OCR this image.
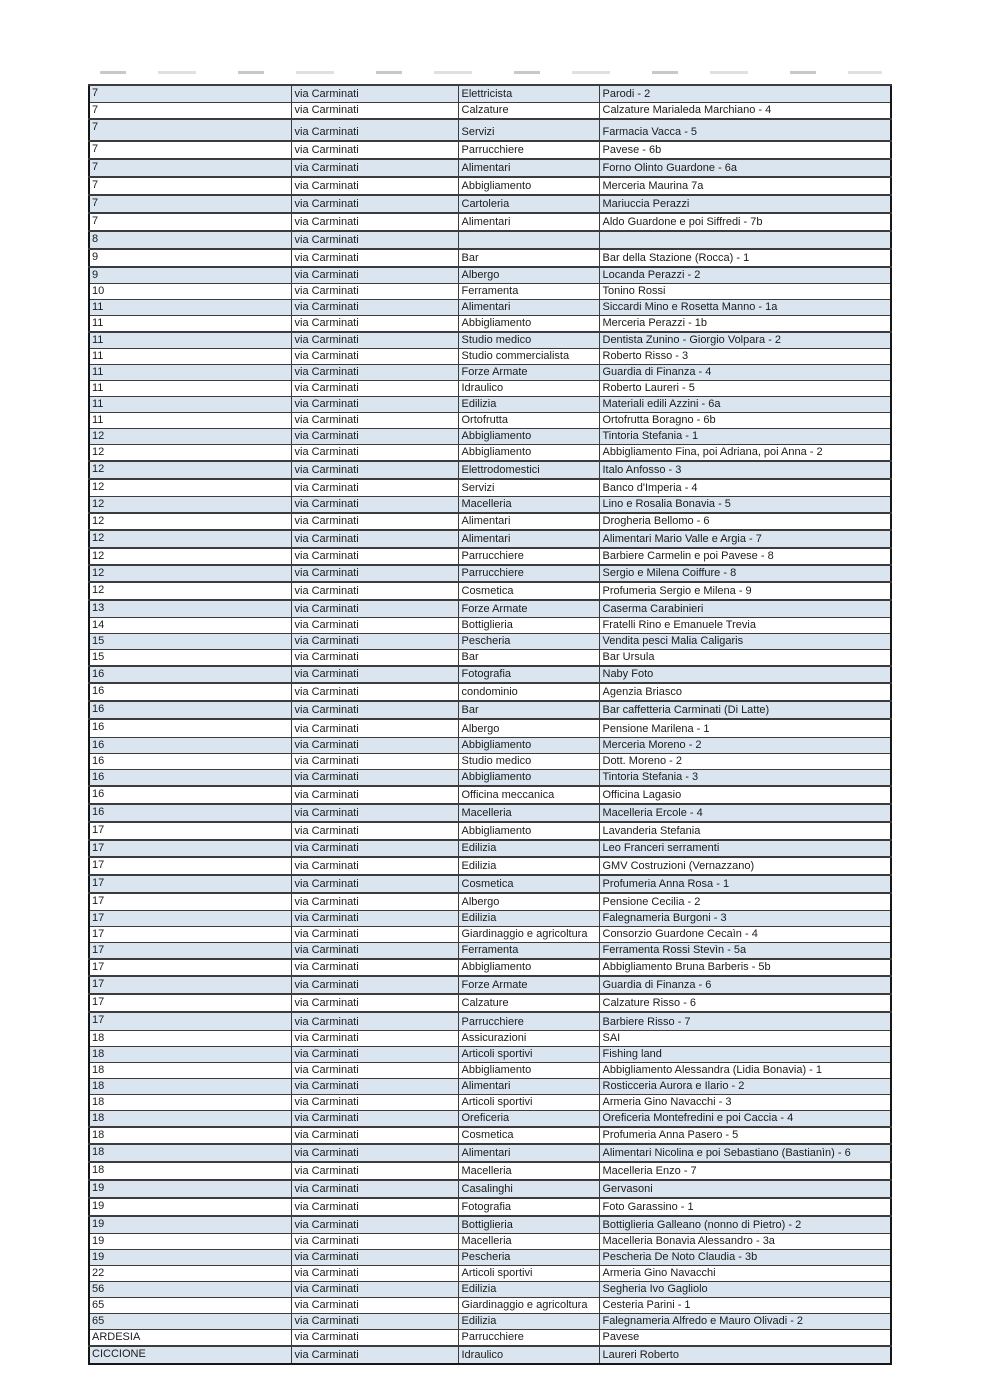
7	via Carminati	Elettricista	Parodi - 2
7	via Carminati	Calzature	Calzature Marialeda Marchiano - 4
7	via Carminati	Servizi	Farmacia Vacca - 5
7	via Carminati	Parrucchiere	Pavese - 6b
7	via Carminati	Alimentari	Forno Olinto Guardone - 6a
7	via Carminati	Abbigliamento	Merceria Maurina 7a
7	via Carminati	Cartoleria	Mariuccia Perazzi
7	via Carminati	Alimentari	Aldo Guardone e poi Siffredi - 7b
8	via Carminati		
9	via Carminati	Bar	Bar della Stazione (Rocca) - 1
9	via Carminati	Albergo	Locanda Perazzi - 2
10	via Carminati	Ferramenta	Tonino Rossi
11	via Carminati	Alimentari	Siccardi Mino e Rosetta Manno - 1a
11	via Carminati	Abbigliamento	Merceria Perazzi - 1b
11	via Carminati	Studio medico	Dentista Zunino - Giorgio Volpara - 2
11	via Carminati	Studio commercialista	Roberto Risso - 3
11	via Carminati	Forze Armate	Guardia di Finanza - 4
11	via Carminati	Idraulico	Roberto Laureri - 5
11	via Carminati	Edilizia	Materiali edili Azzini - 6a
11	via Carminati	Ortofrutta	Ortofrutta Boragno - 6b
12	via Carminati	Abbigliamento	Tintoria Stefania - 1
12	via Carminati	Abbigliamento	Abbigliamento Fina, poi Adriana, poi Anna - 2
12	via Carminati	Elettrodomestici	Italo Anfosso - 3
12	via Carminati	Servizi	Banco d'Imperia - 4
12	via Carminati	Macelleria	Lino e Rosalia Bonavia - 5
12	via Carminati	Alimentari	Drogheria Bellomo - 6
12	via Carminati	Alimentari	Alimentari Mario Valle e Argia - 7
12	via Carminati	Parrucchiere	Barbiere Carmelin e poi Pavese - 8
12	via Carminati	Parrucchiere	Sergio e Milena Coiffure - 8
12	via Carminati	Cosmetica	Profumeria Sergio e Milena - 9
13	via Carminati	Forze Armate	Caserma Carabinieri
14	via Carminati	Bottiglieria	Fratelli Rino e Emanuele Trevia
15	via Carminati	Pescheria	Vendita pesci Malia Caligaris
15	via Carminati	Bar	Bar Ursula
16	via Carminati	Fotografia	Naby Foto
16	via Carminati	condominio	Agenzia Briasco
16	via Carminati	Bar	Bar caffetteria Carminati (Di Latte)
16	via Carminati	Albergo	Pensione Marilena - 1
16	via Carminati	Abbigliamento	Merceria Moreno - 2
16	via Carminati	Studio medico	Dott. Moreno - 2
16	via Carminati	Abbigliamento	Tintoria Stefania - 3
16	via Carminati	Officina meccanica	Officina Lagasio
16	via Carminati	Macelleria	Macelleria Ercole - 4
17	via Carminati	Abbigliamento	Lavanderia Stefania
17	via Carminati	Edilizia	Leo Franceri serramenti
17	via Carminati	Edilizia	GMV Costruzioni (Vernazzano)
17	via Carminati	Cosmetica	Profumeria Anna Rosa - 1
17	via Carminati	Albergo	Pensione Cecilia - 2
17	via Carminati	Edilizia	Falegnameria Burgoni - 3
17	via Carminati	Giardinaggio e agricoltura	Consorzio Guardone Cecaìn - 4
17	via Carminati	Ferramenta	Ferramenta Rossi Stevìn - 5a
17	via Carminati	Abbigliamento	Abbigliamento Bruna Barberis - 5b
17	via Carminati	Forze Armate	Guardia di Finanza - 6
17	via Carminati	Calzature	Calzature Risso - 6
17	via Carminati	Parrucchiere	Barbiere Risso - 7
18	via Carminati	Assicurazioni	SAI
18	via Carminati	Articoli sportivi	Fishing land
18	via Carminati	Abbigliamento	Abbigliamento Alessandra (Lidia Bonavia) - 1
18	via Carminati	Alimentari	Rosticceria Aurora e Ilario - 2
18	via Carminati	Articoli sportivi	Armeria Gino Navacchi - 3
18	via Carminati	Oreficeria	Oreficeria Montefredini e poi Caccia - 4
18	via Carminati	Cosmetica	Profumeria Anna Pasero - 5
18	via Carminati	Alimentari	Alimentari Nicolina e poi Sebastiano (Bastianìn) - 6
18	via Carminati	Macelleria	Macelleria Enzo - 7
19	via Carminati	Casalinghi	Gervasoni
19	via Carminati	Fotografia	Foto Garassino - 1
19	via Carminati	Bottiglieria	Bottiglieria Galleano (nonno di Pietro) - 2
19	via Carminati	Macelleria	Macelleria Bonavia Alessandro - 3a
19	via Carminati	Pescheria	Pescheria De Noto Claudia - 3b
22	via Carminati	Articoli sportivi	Armeria Gino Navacchi
56	via Carminati	Edilizia	Segheria Ivo Gagliolo
65	via Carminati	Giardinaggio e agricoltura	Cesteria Parini - 1
65	via Carminati	Edilizia	Falegnameria Alfredo e Mauro Olivadi - 2
ARDESIA	via Carminati	Parrucchiere	Pavese
CICCIONE	via Carminati	Idraulico	Laureri Roberto
